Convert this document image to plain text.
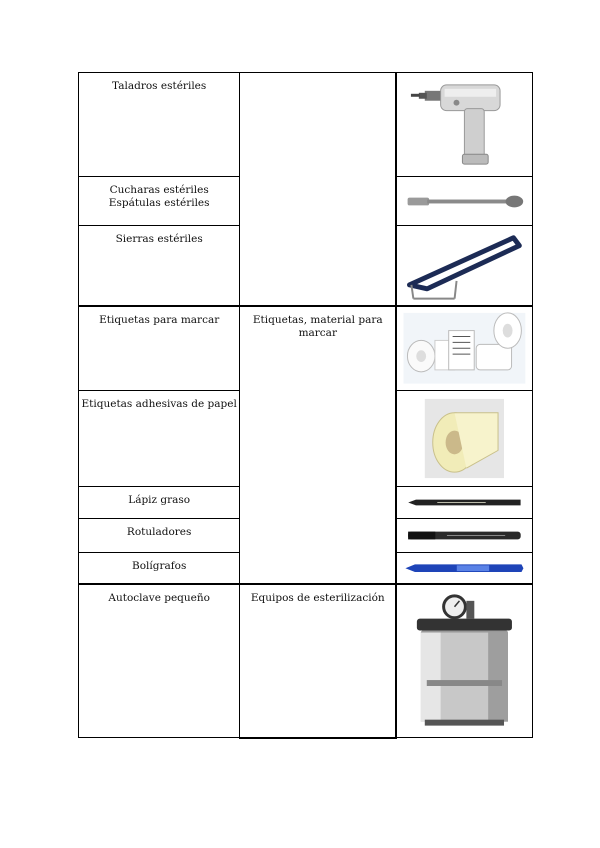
Taladros estériles

Cucharas estériles
Espátulas estériles

Sierras estériles

Etiquetas para marcar	Etiquetas, material para marcar

Etiquetas adhesivas de papel

Lápiz graso

Rotuladores

Bolígrafos

Autoclave pequeño	Equipos de esterilización
